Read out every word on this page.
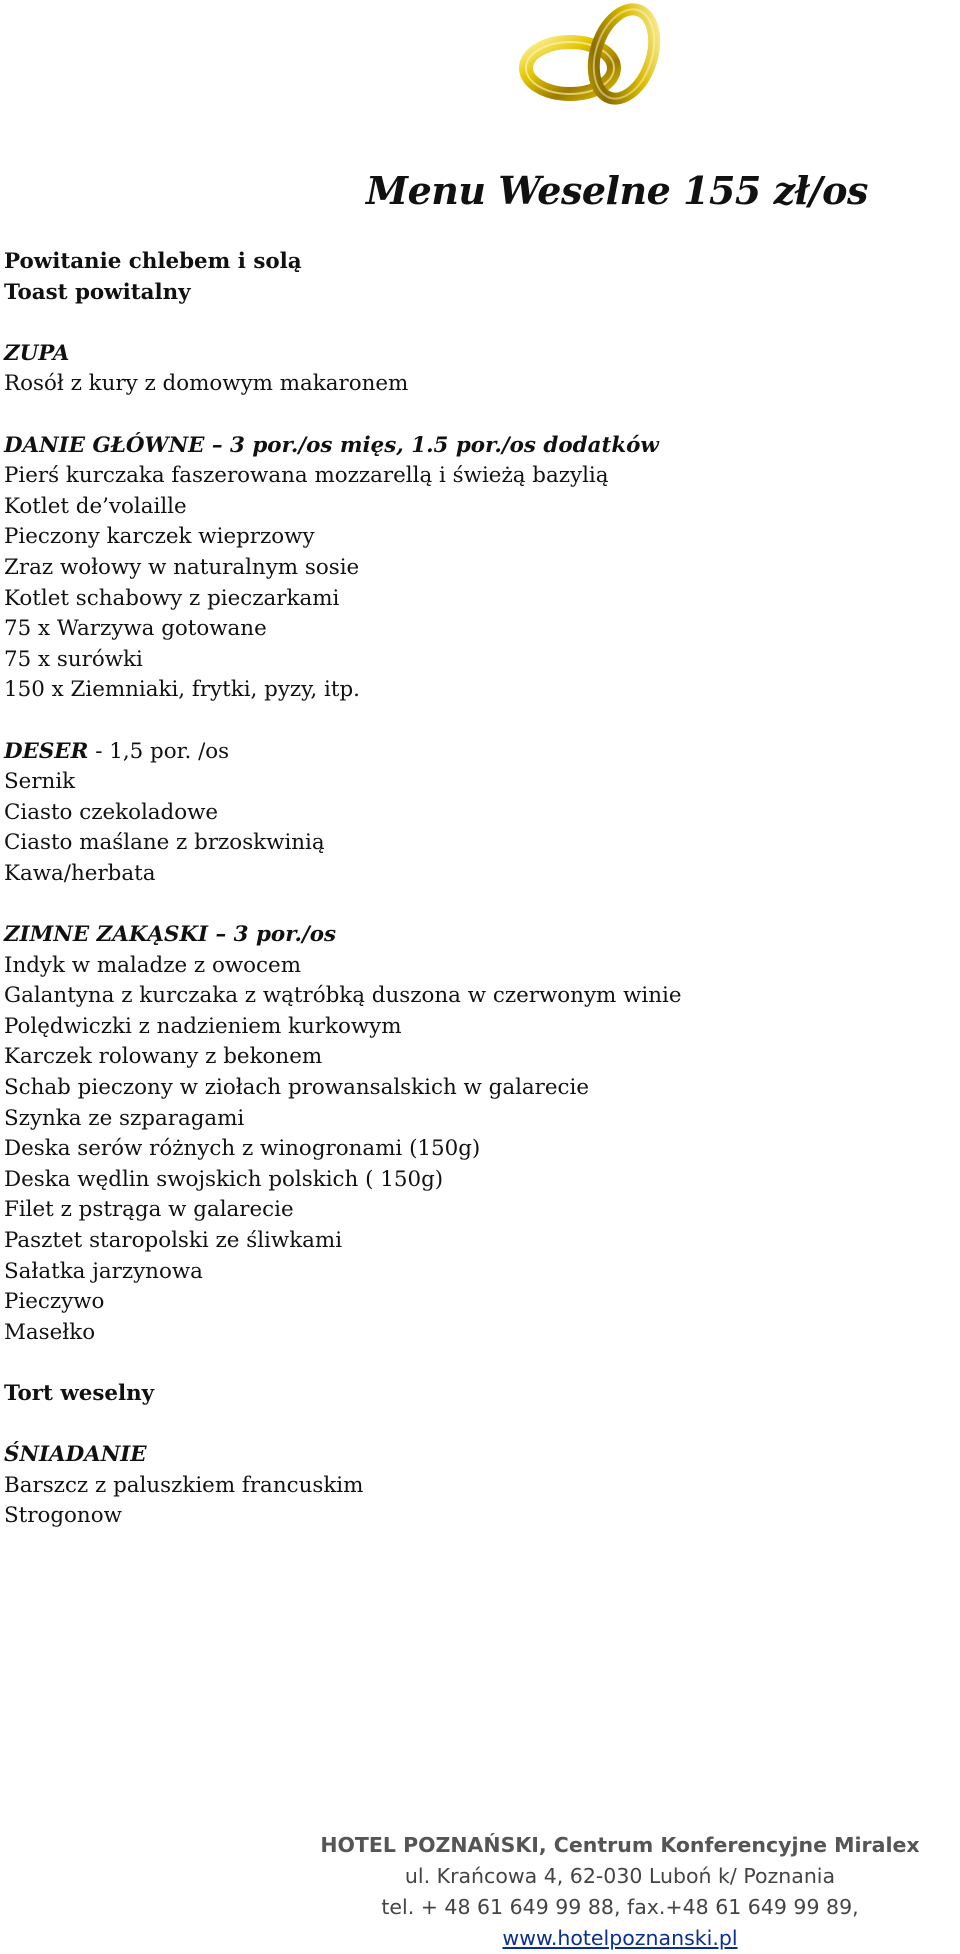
Menu Weselne 155 zł/os
Powitanie chlebem i solą
Toast powitalny
ZUPA
Rosół z kury z domowym makaronem
DANIE GŁÓWNE – 3 por./os mięs, 1.5 por./os dodatków
Pierś kurczaka faszerowana mozzarellą i świeżą bazylią
Kotlet de’volaille
Pieczony karczek wieprzowy
Zraz wołowy w naturalnym sosie
Kotlet schabowy z pieczarkami
75 x Warzywa gotowane
75 x surówki
150 x Ziemniaki, frytki, pyzy, itp.
DESER - 1,5 por. /os
Sernik
Ciasto czekoladowe
Ciasto maślane z brzoskwinią
Kawa/herbata
ZIMNE ZAKĄSKI – 3 por./os
Indyk w maladze z owocem
Galantyna z kurczaka z wątróbką duszona w czerwonym winie
Polędwiczki z nadzieniem kurkowym
Karczek rolowany z bekonem
Schab pieczony w ziołach prowansalskich w galarecie
Szynka ze szparagami
Deska serów różnych z winogronami (150g)
Deska wędlin swojskich polskich ( 150g)
Filet z pstrąga w galarecie
Pasztet staropolski ze śliwkami
Sałatka jarzynowa
Pieczywo
Masełko
Tort weselny
ŚNIADANIE
Barszcz z paluszkiem francuskim
Strogonow
HOTEL POZNAŃSKI, Centrum Konferencyjne Miralex
ul. Krańcowa 4, 62-030 Luboń k/ Poznania
tel. + 48 61 649 99 88, fax.+48 61 649 99 89, www.hotelpoznanski.pl
